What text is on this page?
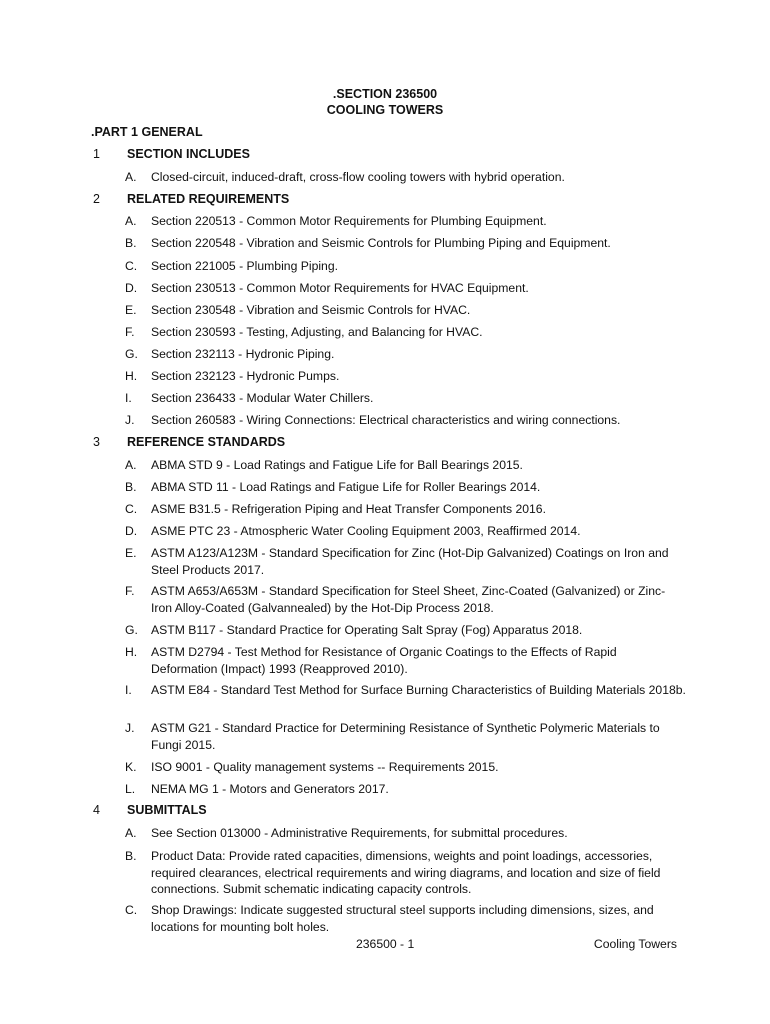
.SECTION 236500
COOLING TOWERS
.PART 1 GENERAL
1 SECTION INCLUDES
A. Closed-circuit, induced-draft, cross-flow cooling towers with hybrid operation.
2 RELATED REQUIREMENTS
A. Section 220513 - Common Motor Requirements for Plumbing Equipment.
B. Section 220548 - Vibration and Seismic Controls for Plumbing Piping and Equipment.
C. Section 221005 - Plumbing Piping.
D. Section 230513 - Common Motor Requirements for HVAC Equipment.
E. Section 230548 - Vibration and Seismic Controls for HVAC.
F. Section 230593 - Testing, Adjusting, and Balancing for HVAC.
G. Section 232113 - Hydronic Piping.
H. Section 232123 - Hydronic Pumps.
I. Section 236433 - Modular Water Chillers.
J. Section 260583 - Wiring Connections: Electrical characteristics and wiring connections.
3 REFERENCE STANDARDS
A. ABMA STD 9 - Load Ratings and Fatigue Life for Ball Bearings 2015.
B. ABMA STD 11 - Load Ratings and Fatigue Life for Roller Bearings 2014.
C. ASME B31.5 - Refrigeration Piping and Heat Transfer Components 2016.
D. ASME PTC 23 - Atmospheric Water Cooling Equipment 2003, Reaffirmed 2014.
E. ASTM A123/A123M - Standard Specification for Zinc (Hot-Dip Galvanized) Coatings on Iron and Steel Products 2017.
F. ASTM A653/A653M - Standard Specification for Steel Sheet, Zinc-Coated (Galvanized) or Zinc-Iron Alloy-Coated (Galvannealed) by the Hot-Dip Process 2018.
G. ASTM B117 - Standard Practice for Operating Salt Spray (Fog) Apparatus 2018.
H. ASTM D2794 - Test Method for Resistance of Organic Coatings to the Effects of Rapid Deformation (Impact) 1993 (Reapproved 2010).
I. ASTM E84 - Standard Test Method for Surface Burning Characteristics of Building Materials 2018b.
J. ASTM G21 - Standard Practice for Determining Resistance of Synthetic Polymeric Materials to Fungi 2015.
K. ISO 9001 - Quality management systems -- Requirements 2015.
L. NEMA MG 1 - Motors and Generators 2017.
4 SUBMITTALS
A. See Section 013000 - Administrative Requirements, for submittal procedures.
B. Product Data: Provide rated capacities, dimensions, weights and point loadings, accessories, required clearances, electrical requirements and wiring diagrams, and location and size of field connections. Submit schematic indicating capacity controls.
C. Shop Drawings: Indicate suggested structural steel supports including dimensions, sizes, and locations for mounting bolt holes.
236500 - 1	Cooling Towers
